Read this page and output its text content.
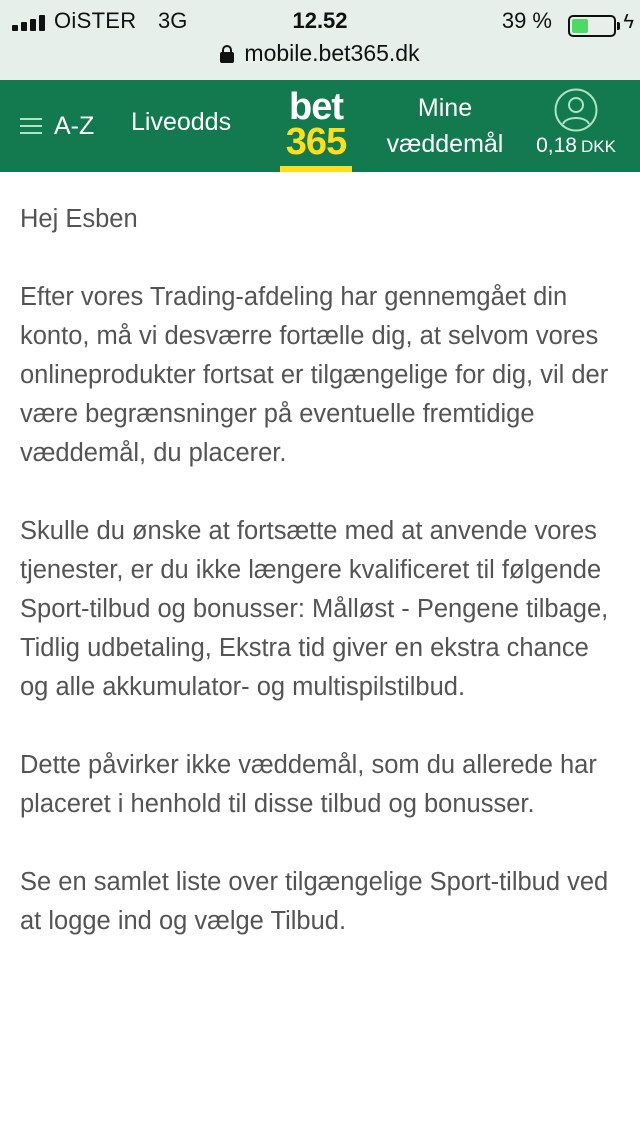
OiSTER 3G	12.52	39 %	ϟ
mobile.bet365.dk
A-Z Liveodds bet
365
Mine
væddemål	0,18 DKK

Hej Esben

Efter vores Trading-afdeling har gennemgået din konto, må vi desværre fortælle dig, at selvom vores onlineprodukter fortsat er tilgængelige for dig, vil der være begrænsninger på eventuelle fremtidige væddemål, du placerer.

Skulle du ønske at fortsætte med at anvende vores tjenester, er du ikke længere kvalificeret til følgende Sport-tilbud og bonusser: Målløst - Pengene tilbage, Tidlig udbetaling, Ekstra tid giver en ekstra chance og alle akkumulator- og multispilstilbud.

Dette påvirker ikke væddemål, som du allerede har placeret i henhold til disse tilbud og bonusser.

Se en samlet liste over tilgængelige Sport-tilbud ved at logge ind og vælge Tilbud.
